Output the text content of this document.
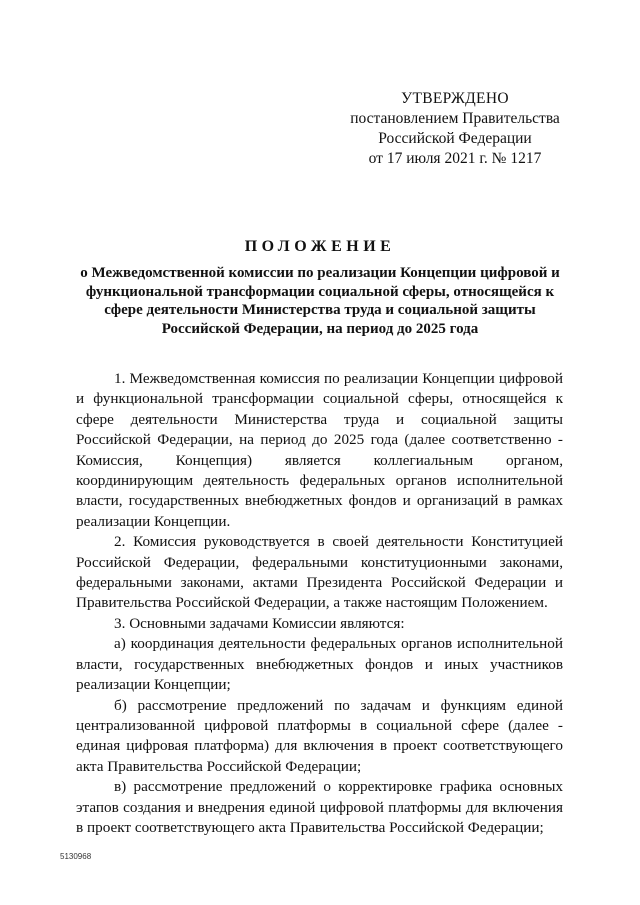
УТВЕРЖДЕНО
постановлением Правительства
Российской Федерации
от 17 июля 2021 г. № 1217
ПОЛОЖЕНИЕ
о Межведомственной комиссии по реализации Концепции цифровой и функциональной трансформации социальной сферы, относящейся к сфере деятельности Министерства труда и социальной защиты Российской Федерации, на период до 2025 года

1. Межведомственная комиссия по реализации Концепции цифровой и функциональной трансформации социальной сферы, относящейся к сфере деятельности Министерства труда и социальной защиты Российской Федерации, на период до 2025 года (далее соответственно - Комиссия, Концепция) является коллегиальным органом, координирующим деятельность федеральных органов исполнительной власти, государственных внебюджетных фондов и организаций в рамках реализации Концепции.

2. Комиссия руководствуется в своей деятельности Конституцией Российской Федерации, федеральными конституционными законами, федеральными законами, актами Президента Российской Федерации и Правительства Российской Федерации, а также настоящим Положением.

3. Основными задачами Комиссии являются:

а) координация деятельности федеральных органов исполнительной власти, государственных внебюджетных фондов и иных участников реализации Концепции;

б) рассмотрение предложений по задачам и функциям единой централизованной цифровой платформы в социальной сфере (далее - единая цифровая платформа) для включения в проект соответствующего акта Правительства Российской Федерации;

в) рассмотрение предложений о корректировке графика основных этапов создания и внедрения единой цифровой платформы для включения в проект соответствующего акта Правительства Российской Федерации;

5130968
